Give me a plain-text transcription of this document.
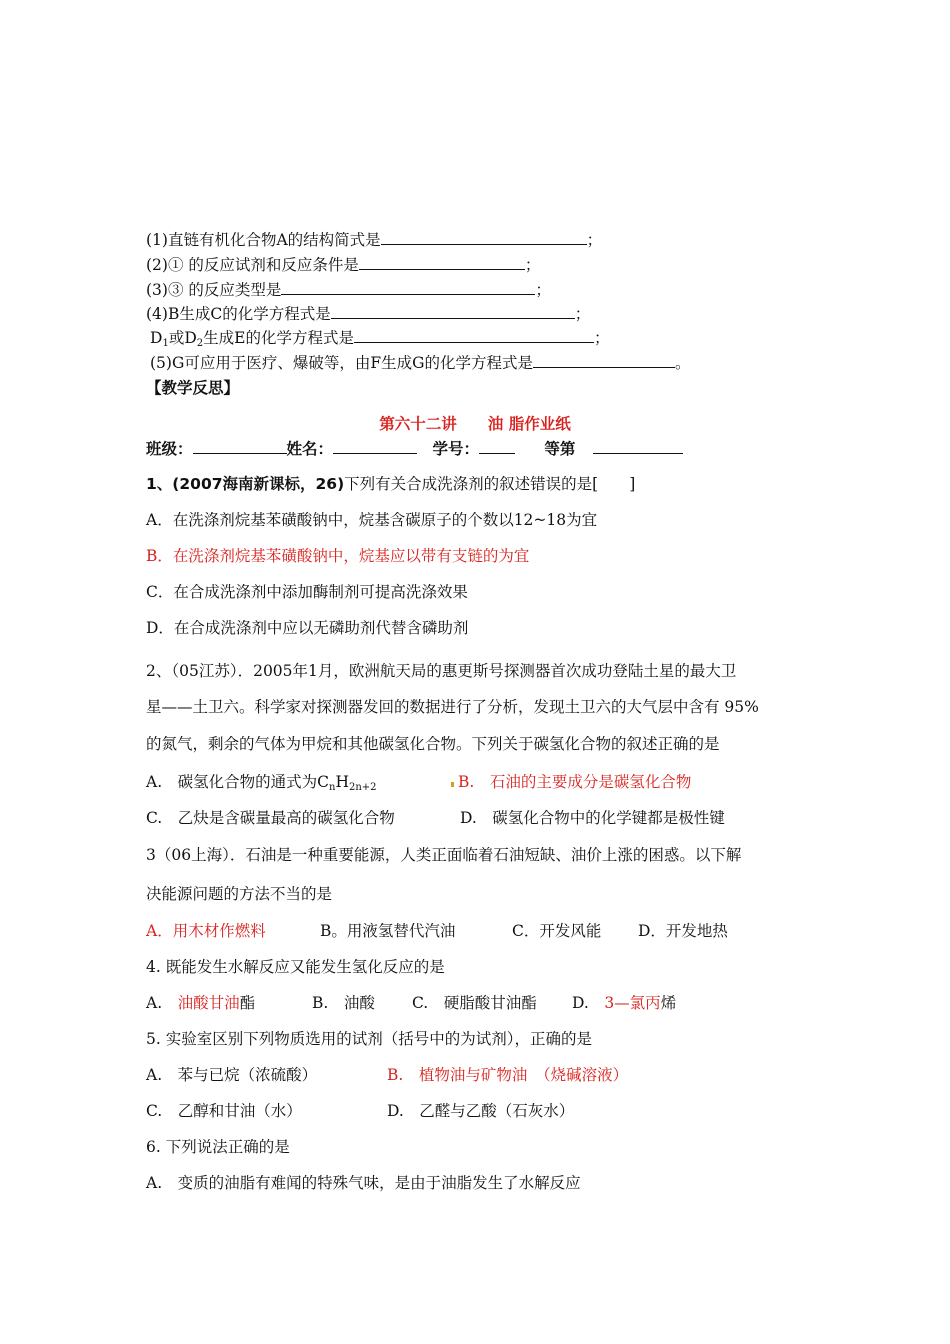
(1)直链有机化合物A的结构简式是	；
(2)① 的反应试剂和反应条件是	；
(3)③ 的反应类型是	；
(4)B生成C的化学方程式是	；
$D_1$或$D_2$生成E的化学方程式是	；
(5)G可应用于医疗、爆破等，由F生成G的化学方程式是	。
【教学反思】
第六十二讲　　油 脂作业纸
班级：	姓名：	学号：	等第
1、(2007海南新课标，26)下列有关合成洗涤剂的叙述错误的是[　　]
A．在洗涤剂烷基苯磺酸钠中，烷基含碳原子的个数以12~18为宜
B．在洗涤剂烷基苯磺酸钠中，烷基应以带有支链的为宜
C．在合成洗涤剂中添加酶制剂可提高洗涤效果
D．在合成洗涤剂中应以无磷助剂代替含磷助剂
2、（05江苏）．2005年1月，欧洲航天局的惠更斯号探测器首次成功登陆土星的最大卫
星——土卫六。科学家对探测器发回的数据进行了分析，发现土卫六的大气层中含有 95%
的氮气，剩余的气体为甲烷和其他碳氢化合物。下列关于碳氢化合物的叙述正确的是
A.　碳氢化合物的通式为$C_nH_{2n+2}$	B.　石油的主要成分是碳氢化合物
C.　乙炔是含碳量最高的碳氢化合物	D.　碳氢化合物中的化学键都是极性键
3（06上海）．石油是一种重要能源，人类正面临着石油短缺、油价上涨的困惑。以下解
决能源问题的方法不当的是
A．用木材作燃料	B。用液氢替代汽油	C．开发风能 D．开发地热
4. 既能发生水解反应又能发生氢化反应的是
A.　油酸甘油酯	B.　油酸 C.　硬脂酸甘油酯 D.　3—氯丙烯
5. 实验室区别下列物质选用的试剂（括号中的为试剂），正确的是
A.　苯与已烷（浓硫酸）	B.　植物油与矿物油　（烧碱溶液）
C.　乙醇和甘油（水）	D.　乙醛与乙酸（石灰水）
6. 下列说法正确的是
A.　变质的油脂有难闻的特殊气味，是由于油脂发生了水解反应
